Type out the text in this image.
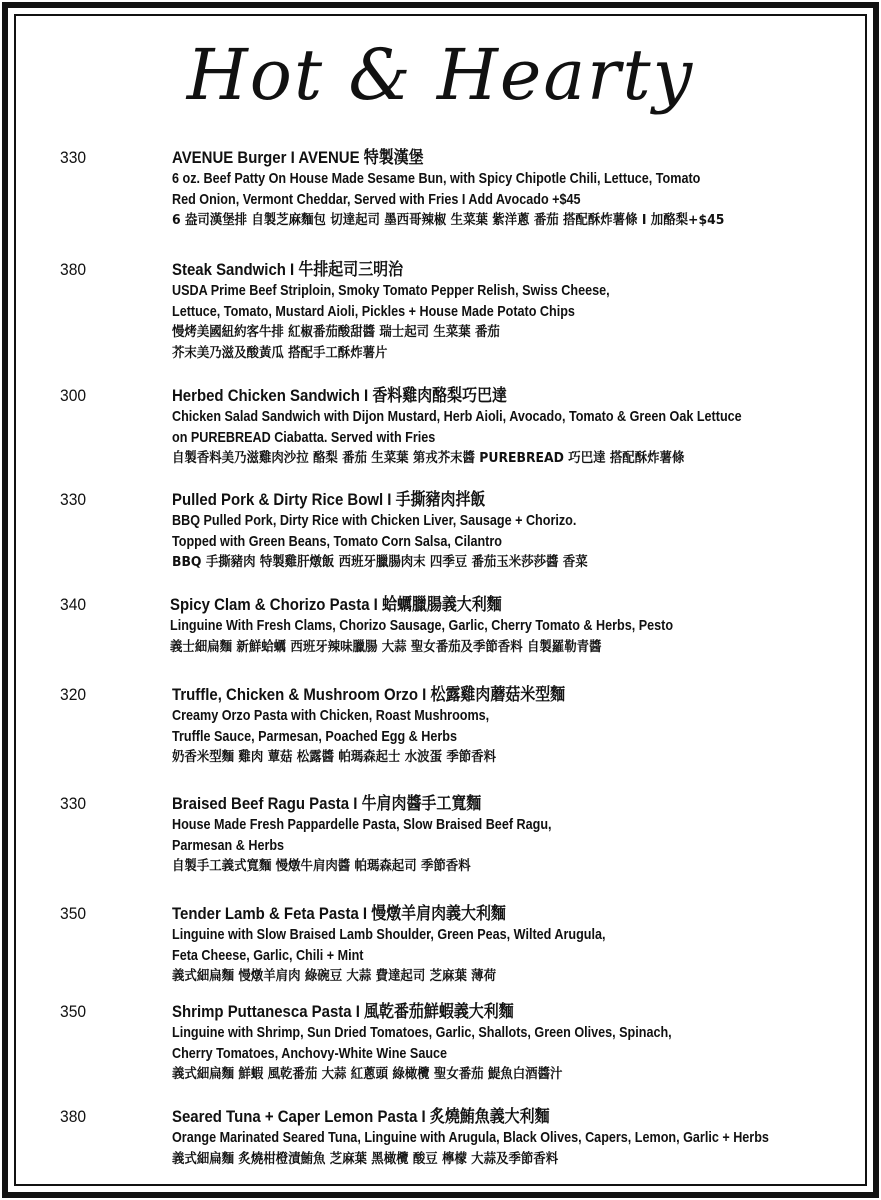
Hot & Hearty
330	AVENUE Burger I AVENUE 特製漢堡
6 oz. Beef Patty On House Made Sesame Bun, with Spicy Chipotle Chili, Lettuce, Tomato
Red Onion, Vermont Cheddar, Served with Fries I Add Avocado +$45
6 盎司漢堡排 自製芝麻麵包 切達起司 墨西哥辣椒 生菜葉 紫洋蔥 番茄 搭配酥炸薯條 I 加酪梨+$45
380	Steak Sandwich I 牛排起司三明治
USDA Prime Beef Striploin, Smoky Tomato Pepper Relish, Swiss Cheese,
Lettuce, Tomato, Mustard Aioli, Pickles + House Made Potato Chips
慢烤美國紐約客牛排 紅椒番茄酸甜醬 瑞士起司 生菜葉 番茄
芥末美乃滋及酸黃瓜 搭配手工酥炸薯片
300	Herbed Chicken Sandwich I 香料雞肉酪梨巧巴達
Chicken Salad Sandwich with Dijon Mustard, Herb Aioli, Avocado, Tomato & Green Oak Lettuce
on PUREBREAD Ciabatta. Served with Fries
自製香料美乃滋雞肉沙拉 酪梨 番茄 生菜葉 第戎芥末醬 PUREBREAD 巧巴達 搭配酥炸薯條
330	Pulled Pork & Dirty Rice Bowl I 手撕豬肉拌飯
BBQ Pulled Pork, Dirty Rice with Chicken Liver, Sausage + Chorizo.
Topped with Green Beans, Tomato Corn Salsa, Cilantro
BBQ 手撕豬肉 特製雞肝燉飯 西班牙臘腸肉末 四季豆 番茄玉米莎莎醬 香菜
340	Spicy Clam & Chorizo Pasta I 蛤蠣臘腸義大利麵
Linguine With Fresh Clams, Chorizo Sausage, Garlic, Cherry Tomato & Herbs, Pesto
義士細扁麵 新鮮蛤蠣 西班牙辣味臘腸 大蒜 聖女番茄及季節香料 自製羅勒青醬
320	Truffle, Chicken & Mushroom Orzo I 松露雞肉蘑菇米型麵
Creamy Orzo Pasta with Chicken, Roast Mushrooms,
Truffle Sauce, Parmesan, Poached Egg & Herbs
奶香米型麵 雞肉 蕈菇 松露醬 帕瑪森起士 水波蛋 季節香料
330	Braised Beef Ragu Pasta I 牛肩肉醬手工寬麵
House Made Fresh Pappardelle Pasta, Slow Braised Beef Ragu,
Parmesan & Herbs
自製手工義式寬麵 慢燉牛肩肉醬 帕瑪森起司 季節香料
350	Tender Lamb & Feta Pasta I 慢燉羊肩肉義大利麵
Linguine with Slow Braised Lamb Shoulder, Green Peas, Wilted Arugula,
Feta Cheese, Garlic, Chili + Mint
義式細扁麵 慢燉羊肩肉 綠碗豆 大蒜 費達起司 芝麻葉 薄荷
350	Shrimp Puttanesca Pasta I 風乾番茄鮮蝦義大利麵
Linguine with Shrimp, Sun Dried Tomatoes, Garlic, Shallots, Green Olives, Spinach,
Cherry Tomatoes, Anchovy-White Wine Sauce
義式細扁麵 鮮蝦 風乾番茄 大蒜 紅蔥頭 綠橄欖 聖女番茄 鯷魚白酒醬汁
380	Seared Tuna + Caper Lemon Pasta I 炙燒鮪魚義大利麵
Orange Marinated Seared Tuna, Linguine with Arugula, Black Olives, Capers, Lemon, Garlic + Herbs
義式細扁麵 炙燒柑橙漬鮪魚 芝麻葉 黑橄欖 酸豆 檸檬 大蒜及季節香料
